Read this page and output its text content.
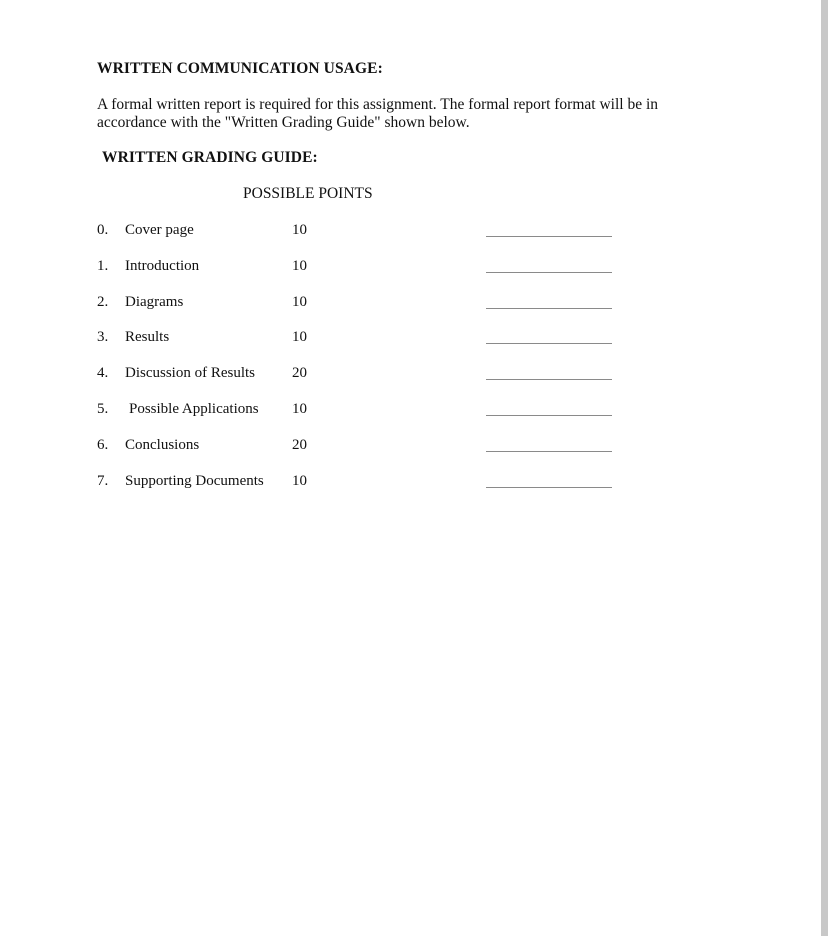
WRITTEN COMMUNICATION USAGE:
A formal written report is required for this assignment. The formal report format will be in
accordance with the "Written Grading Guide" shown below.
WRITTEN GRADING GUIDE:
POSSIBLE POINTS
0. Cover page	10
1. Introduction	10
2. Diagrams	10
3. Results	10
4. Discussion of Results 20
5. Possible Applications 10
6. Conclusions	20
7. Supporting Documents 10
